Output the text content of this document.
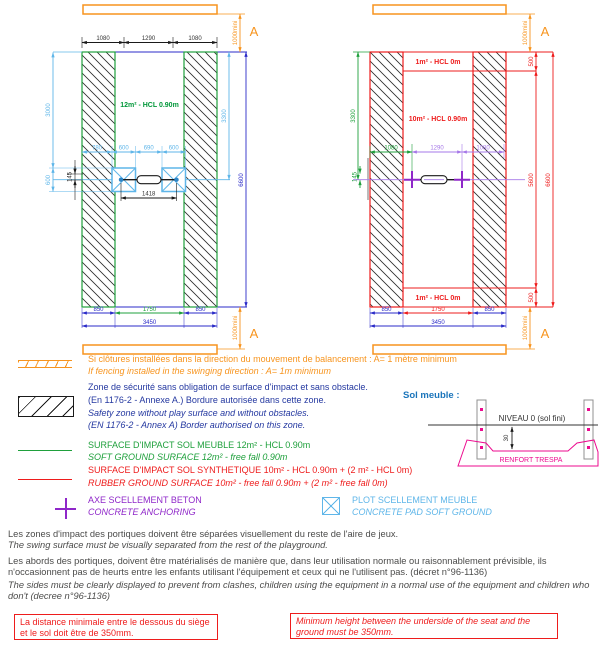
1080	1290	1080
12m² - HCL 0.90m
3000
600
780	600 690 600
3300
1418
145	6600
850	1750	850
3450
1000mini
1000mini
A
A
1m² - HCL 0m
10m² - HCL 0.90m
1m² - HCL 0m
3300
1080
145
1290	1080
500
5600
500
6600
850	1750	850
3450
1000mini
1000mini
A
A
Si clôtures installées dans la direction du mouvement de balancement : A= 1 mètre minimum
If fencing installed in the swinging direction : A= 1m minimum
Zone de sécurité sans obligation de surface d'impact et sans obstacle.
(En 1176-2 - Annexe A.) Bordure autorisée dans cette zone.
Safety zone without play surface and without obstacles.
(EN 1176-2 - Annex A) Border authorised on this zone.
Sol meuble :
NIVEAU 0 (sol fini)
30
RENFORT TRESPA
SURFACE D'IMPACT SOL MEUBLE 12m² - HCL 0.90m
SOFT GROUND SURFACE 12m² - free fall 0.90m
SURFACE D'IMPACT SOL SYNTHETIQUE 10m² - HCL 0.90m + (2 m² - HCL 0m)
RUBBER GROUND SURFACE 10m² - free fall 0.90m + (2 m² - free fall 0m)
AXE SCELLEMENT BETON
CONCRETE ANCHORING
PLOT SCELLEMENT MEUBLE
CONCRETE PAD SOFT GROUND
Les zones d'impact des portiques doivent être séparées visuellement du reste de l'aire de jeux.
The swing surface must be visually separated from the rest of the playground.
Les abords des portiques, doivent être matérialisés de manière que, dans leur utilisation normale ou raisonnablement prévisible, ils n'occasionnent pas de heurts entre les enfants utilisant l'équipement et ceux qui ne l'utilisent pas. (décret n°96-1136)
The sides must be clearly displayed to prevent from clashes, children using the equipment in a normal use of the equipment and children who don't (decree n°96-1136)
La distance minimale entre le dessous du siège et le sol doit être de 350mm.
Minimum height between the underside of the seat and the ground must be 350mm.
